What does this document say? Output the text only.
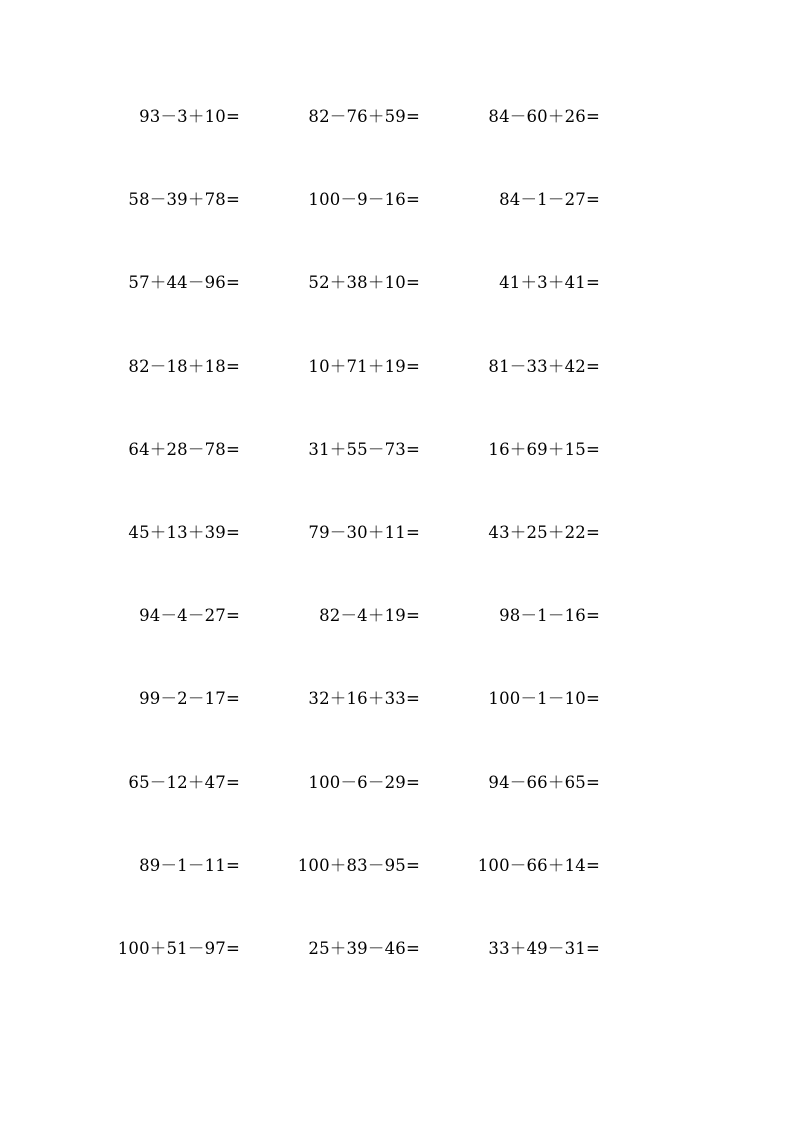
93－3＋10=	82－76＋59=	84－60＋26=
58－39＋78=	100－9－16=	84－1－27=
57＋44－96=	52＋38＋10=	41＋3＋41=
82－18＋18=	10＋71＋19=	81－33＋42=
64＋28－78=	31＋55－73=	16＋69＋15=
45＋13＋39=	79－30＋11=	43＋25＋22=
94－4－27=	82－4＋19=	98－1－16=
99－2－17=	32＋16＋33=	100－1－10=
65－12＋47=	100－6－29=	94－66＋65=
89－1－11=	100＋83－95=	100－66＋14=
100＋51－97=	25＋39－46=	33＋49－31=
